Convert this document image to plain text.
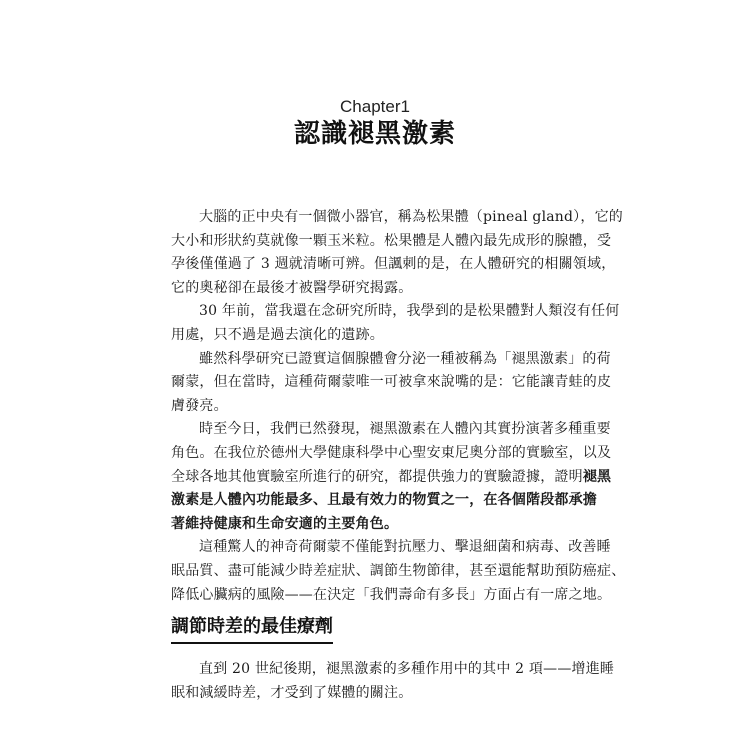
Chapter1
認識褪黑激素

大腦的正中央有一個微小器官，稱為松果體（pineal gland），它的
大小和形狀約莫就像一顆玉米粒。松果體是人體內最先成形的腺體，受
孕後僅僅過了 3 週就清晰可辨。但諷刺的是，在人體研究的相關領域，
它的奧秘卻在最後才被醫學研究揭露。

30 年前，當我還在念研究所時，我學到的是松果體對人類沒有任何
用處，只不過是過去演化的遺跡。

雖然科學研究已證實這個腺體會分泌一種被稱為「褪黑激素」的荷
爾蒙，但在當時，這種荷爾蒙唯一可被拿來說嘴的是：它能讓青蛙的皮
膚發亮。

時至今日，我們已然發現，褪黑激素在人體內其實扮演著多種重要
角色。在我位於德州大學健康科學中心聖安東尼奧分部的實驗室，以及
全球各地其他實驗室所進行的研究，都提供強力的實驗證據，證明褪黑
激素是人體內功能最多、且最有效力的物質之一，在各個階段都承擔
著維持健康和生命安適的主要角色。

這種驚人的神奇荷爾蒙不僅能對抗壓力、擊退細菌和病毒、改善睡
眠品質、盡可能減少時差症狀、調節生物節律，甚至還能幫助預防癌症、
降低心臟病的風險——在決定「我們壽命有多長」方面占有一席之地。

調節時差的最佳療劑

直到 20 世紀後期，褪黑激素的多種作用中的其中 2 項——增進睡
眠和減緩時差，才受到了媒體的關注。
